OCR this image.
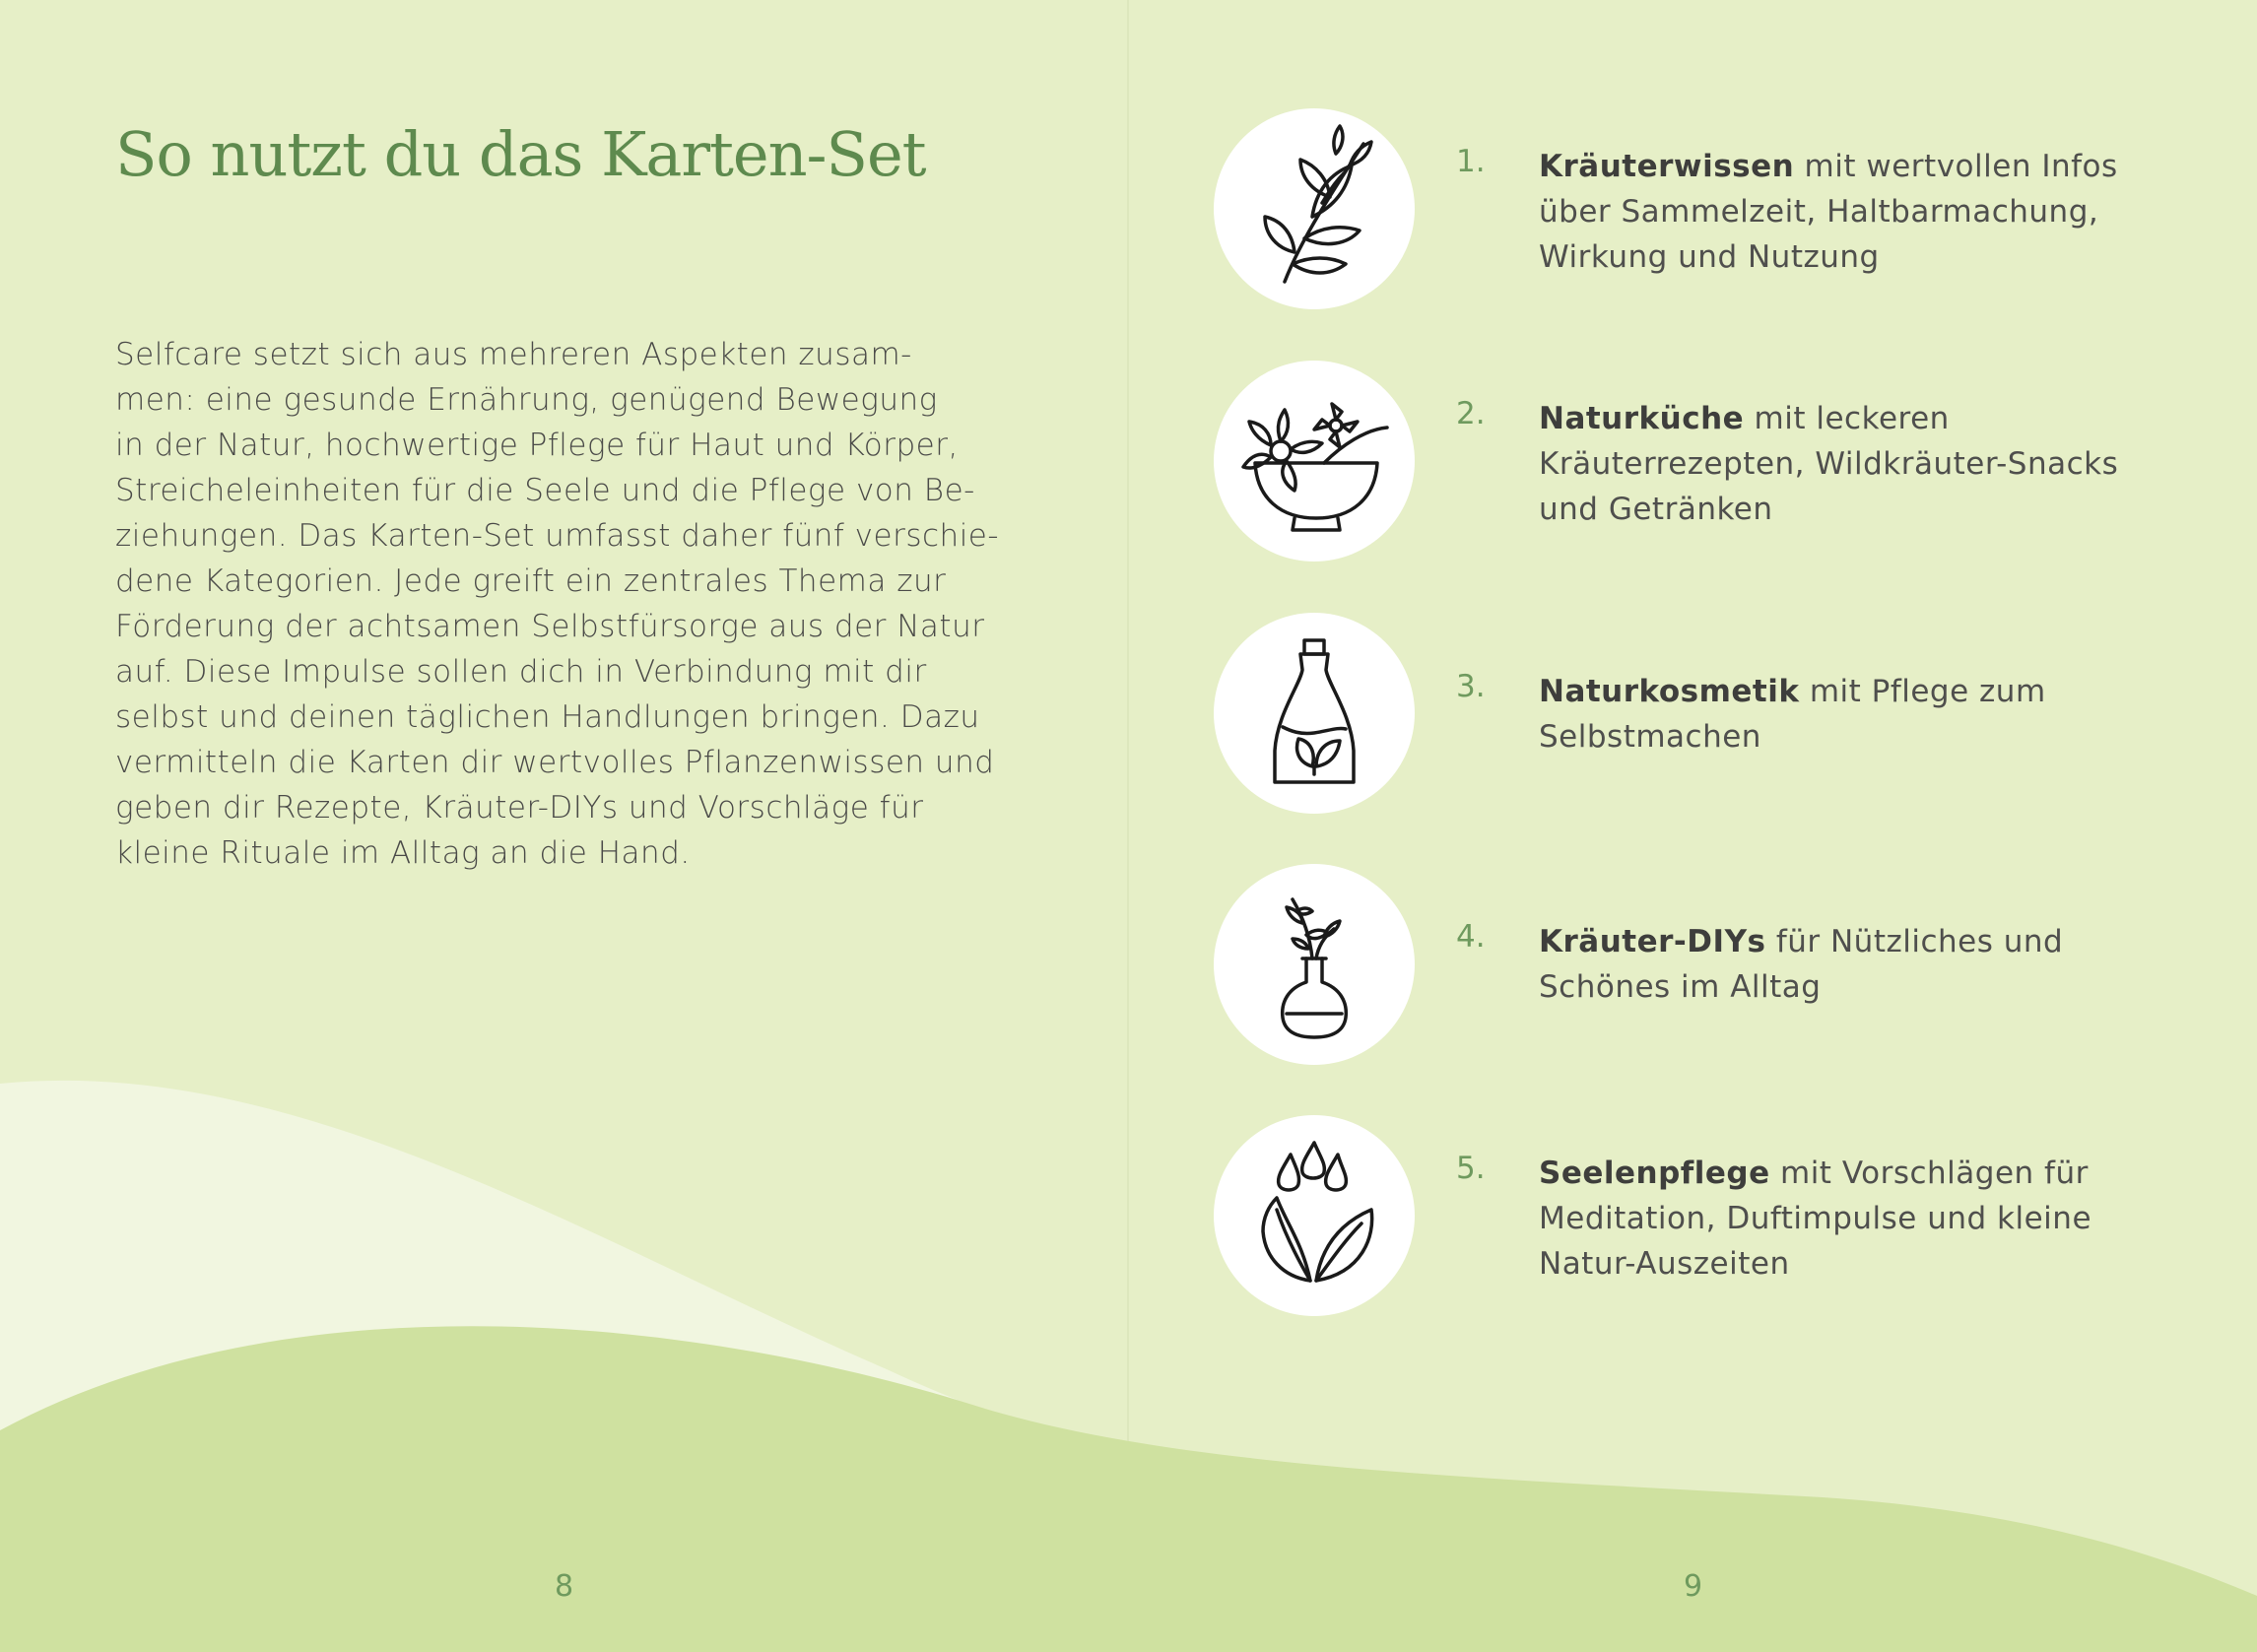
So nutzt du das Karten-Set

Selfcare setzt sich aus mehreren Aspekten zusam-
men: eine gesunde Ernährung, genügend Bewegung
in der Natur, hochwertige Pflege für Haut und Körper,
Streicheleinheiten für die Seele und die Pflege von Be-
ziehungen. Das Karten-Set umfasst daher fünf verschie-
dene Kategorien. Jede greift ein zentrales Thema zur
Förderung der achtsamen Selbstfürsorge aus der Natur
auf. Diese Impulse sollen dich in Verbindung mit dir
selbst und deinen täglichen Handlungen bringen. Dazu
vermitteln die Karten dir wertvolles Pflanzenwissen und
geben dir Rezepte, Kräuter-DIYs und Vorschläge für
kleine Rituale im Alltag an die Hand.

8
1. Kräuterwissen mit wertvollen Infos
über Sammelzeit, Haltbarmachung,
Wirkung und Nutzung
2. Naturküche mit leckeren
Kräuterrezepten, Wildkräuter-Snacks
und Getränken
3. Naturkosmetik mit Pflege zum
Selbstmachen
4. Kräuter-DIYs für Nützliches und
Schönes im Alltag
5. Seelenpflege mit Vorschlägen für
Meditation, Duftimpulse und kleine
Natur-Auszeiten
9
